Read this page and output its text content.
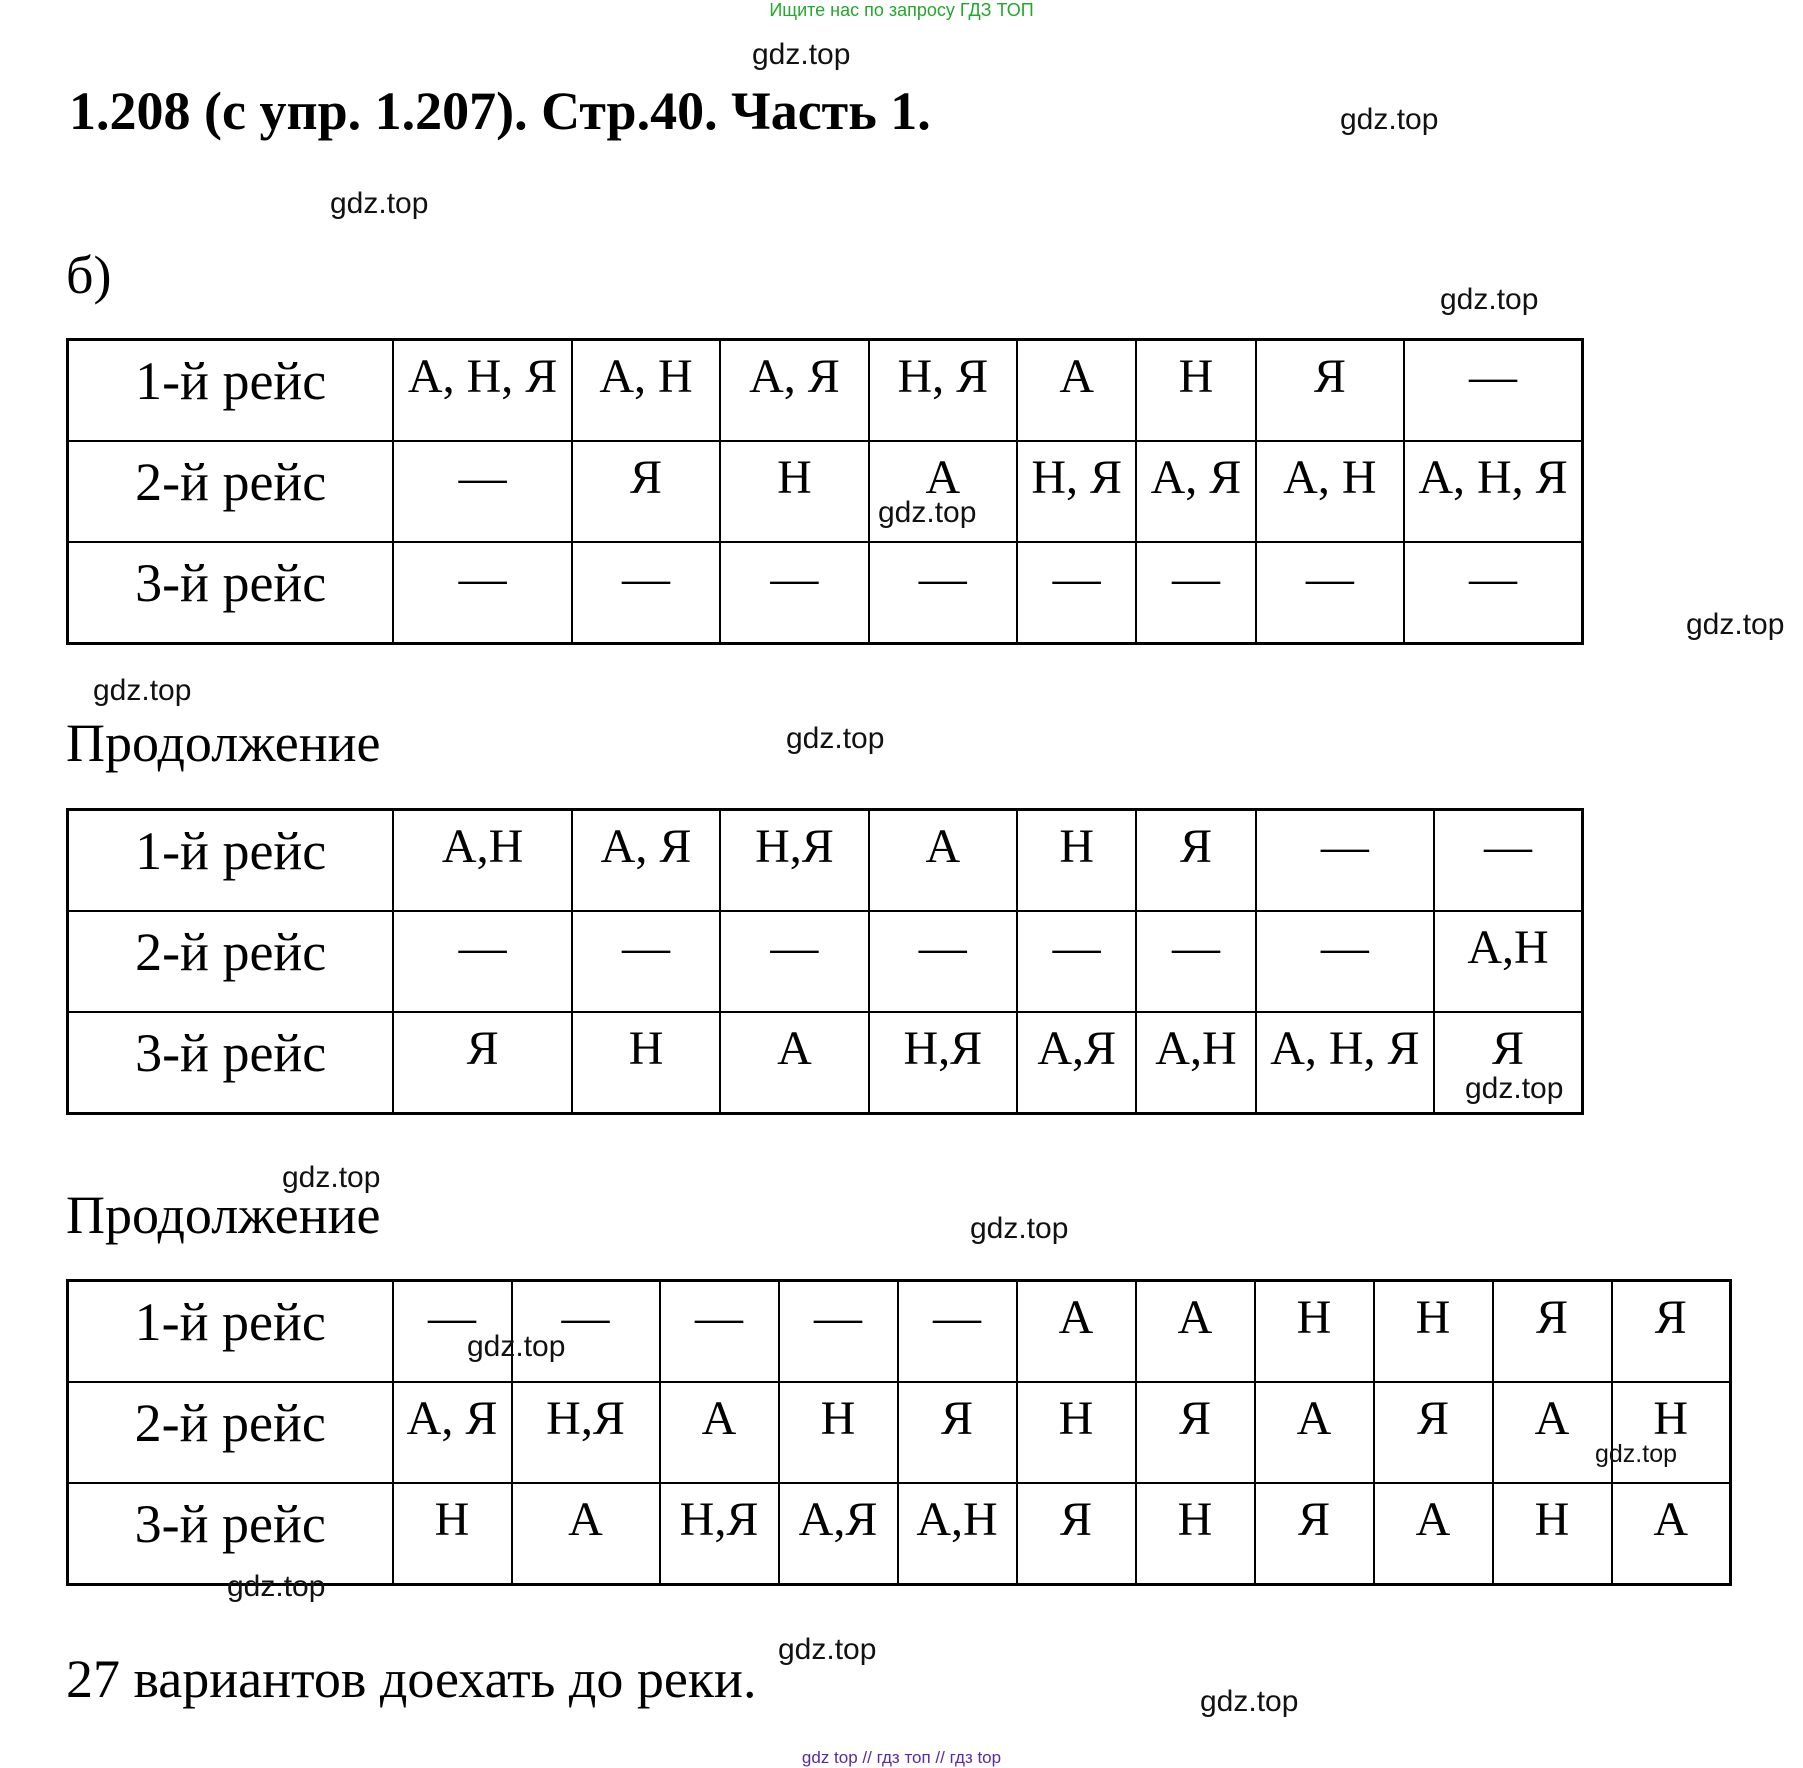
Ищите нас по запросу ГДЗ ТОП
1.208 (с упр. 1.207). Стр.40. Часть 1.
б)
1-й рейс	А, Н, Я	А, Н	А, Я	Н, Я	А	Н	Я	—
2-й рейс	—	Я	Н	А	Н, Я	А, Я	А, Н	А, Н, Я
3-й рейс	—	—	—	—	—	—	—	—
Продолжение
1-й рейс	А,Н	А, Я	Н,Я	А	Н	Я	—	—
2-й рейс	—	—	—	—	—	—	—	А,Н
3-й рейс	Я	Н	А	Н,Я	А,Я	А,Н	А, Н, Я	Я
Продолжение
1-й рейс	—	—	—	—	—	А	А	Н	Н	Я	Я
2-й рейс	А, Я	Н,Я	А	Н	Я	Н	Я	А	Я	А	Н
3-й рейс	Н	А	Н,Я	А,Я	А,Н	Я	Н	Я	А	Н	А
27 вариантов доехать до реки.
gdz.top
gdz.top
gdz.top
gdz.top
gdz.top
gdz.top
gdz.top
gdz.top
gdz.top
gdz.top
gdz.top
gdz.top
gdz.top
gdz.top
gdz.top
gdz.top
gdz top // гдз топ // гдз top
